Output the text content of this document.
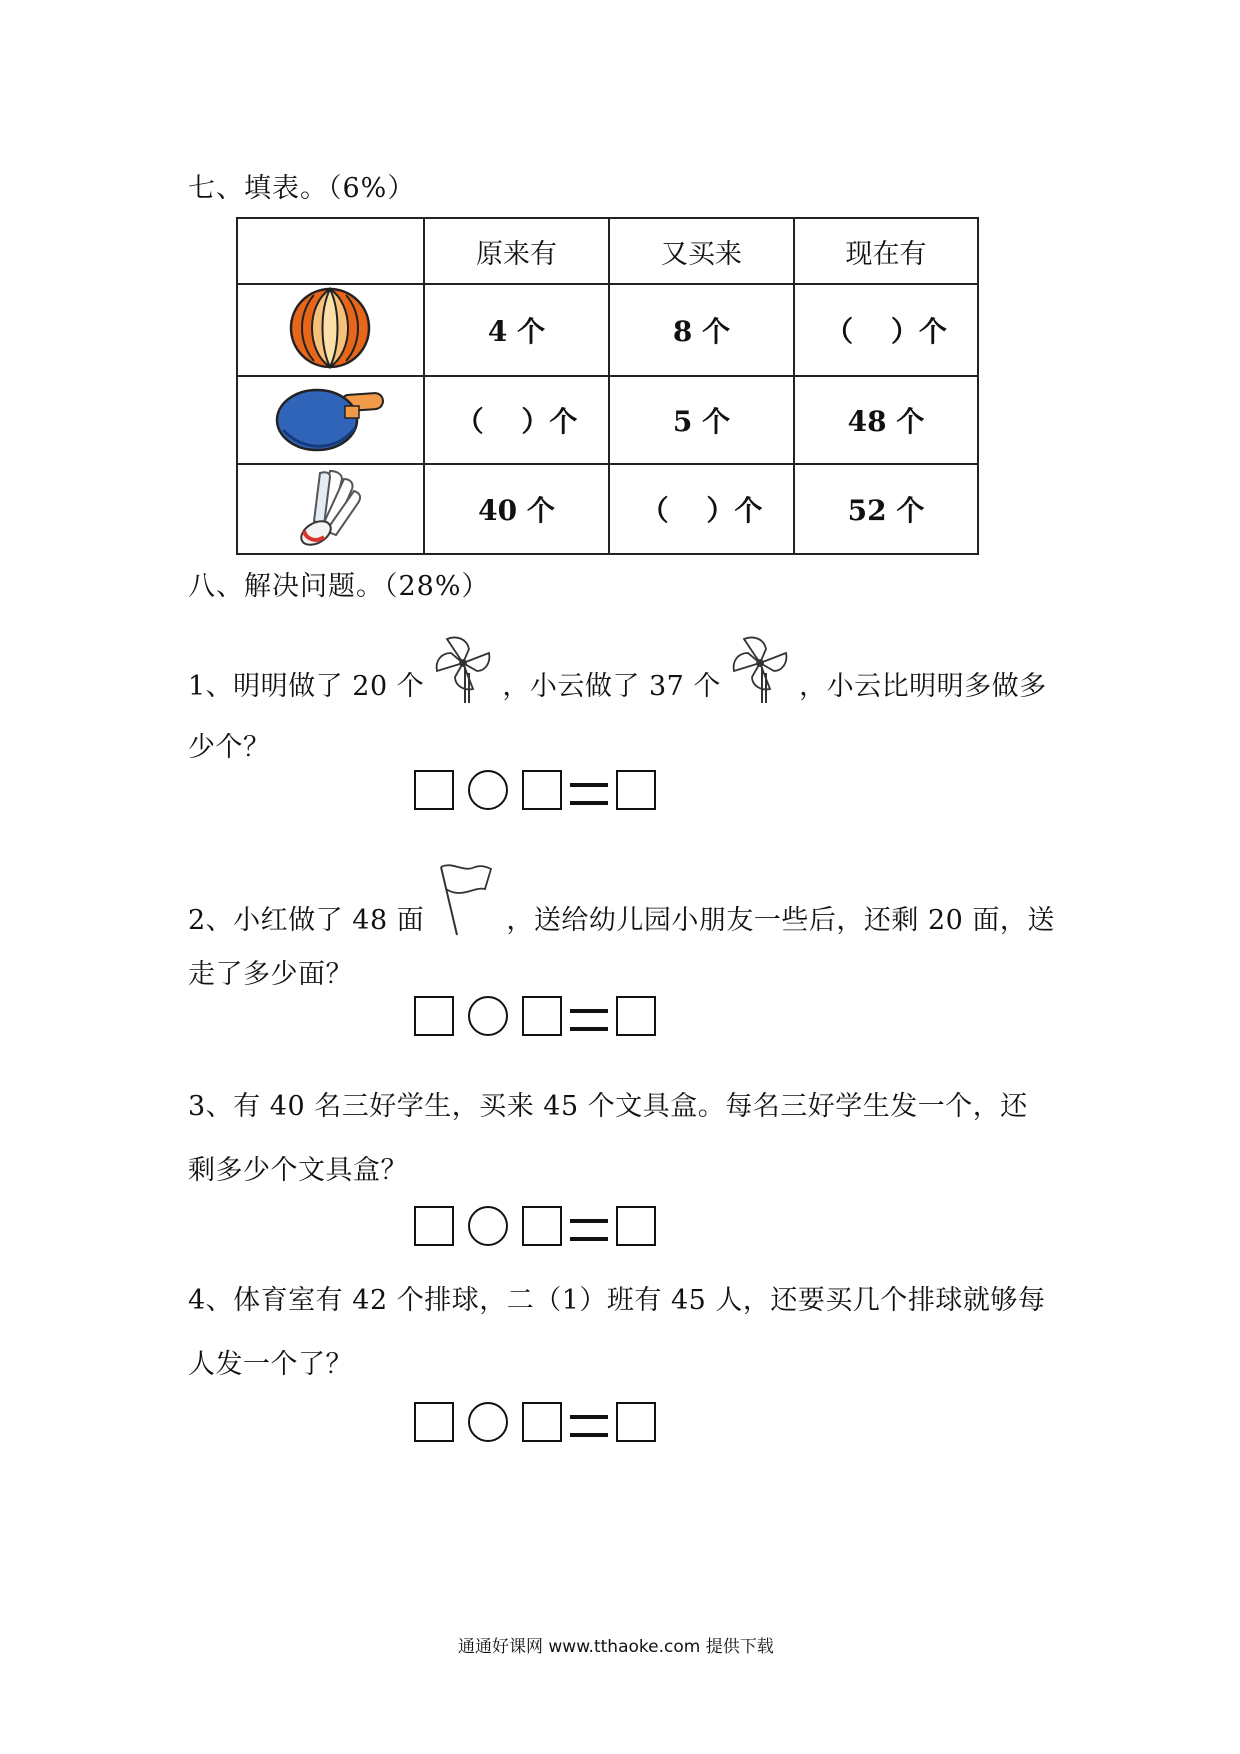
七、填表。（6%）
	原来有	又买来	现在有
	4 个	8 个	（　 ）个
	（　 ）个	5 个	48 个
	40 个	（　 ）个	52 个
八、解决问题。（28%）
1、明明做了 20 个	，小云做了 37 个	，小云比明明多做多
少个？
2、小红做了 48 面	，送给幼儿园小朋友一些后，还剩 20 面，送
走了多少面？
3、有 40 名三好学生，买来 45 个文具盒。每名三好学生发一个，还
剩多少个文具盒？
4、体育室有 42 个排球，二（1）班有 45 人，还要买几个排球就够每
人发一个了？
通通好课网 www.tthaoke.com 提供下载
